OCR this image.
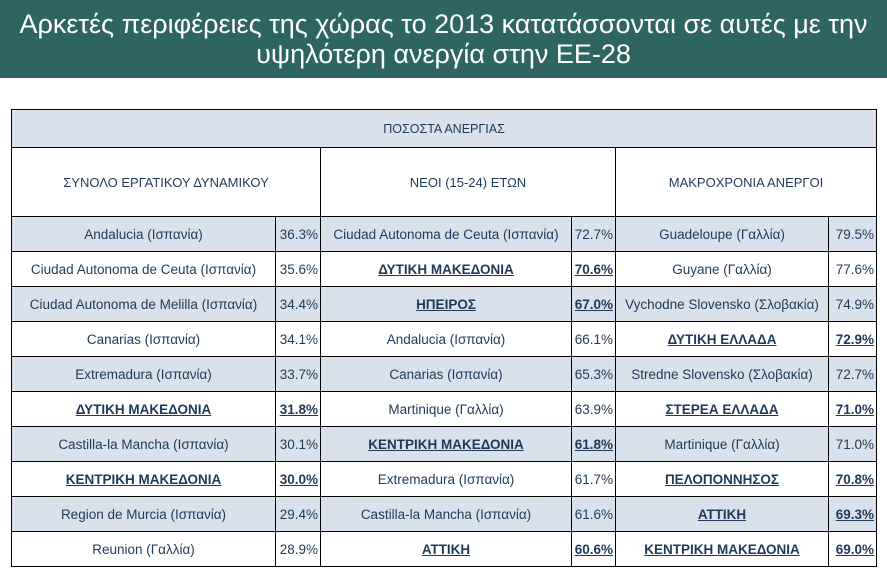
Αρκετές περιφέρειες της χώρας το 2013 κατατάσσονται σε αυτές με την υψηλότερη ανεργία στην ΕΕ-28
ΠΟΣΟΣΤΑ ΑΝΕΡΓΙΑΣ					
ΣΥΝΟΛΟ ΕΡΓΑΤΙΚΟΥ ΔΥΝΑΜΙΚΟΥ		ΝΕΟΙ (15-24) ΕΤΩΝ		ΜΑΚΡΟΧΡΟΝΙΑ ΑΝΕΡΓΟΙ	
Andalucia (Ισπανία)	36.3%	Ciudad Autonoma de Ceuta (Ισπανία)	72.7%	Guadeloupe (Γαλλία)	79.5%
Ciudad Autonoma de Ceuta (Ισπανία)	35.6%	ΔΥΤΙΚΗ ΜΑΚΕΔΟΝΙΑ	70.6%	Guyane (Γαλλία)	77.6%
Ciudad Autonoma de Melilla (Ισπανία)	34.4%	ΗΠΕΙΡΟΣ	67.0%	Vychodne Slovensko (Σλοβακία)	74.9%
Canarias (Ισπανία)	34.1%	Andalucia (Ισπανία)	66.1%	ΔΥΤΙΚΗ ΕΛΛΑΔΑ	72.9%
Extremadura (Ισπανία)	33.7%	Canarias (Ισπανία)	65.3%	Stredne Slovensko (Σλοβακία)	72.7%
ΔΥΤΙΚΗ ΜΑΚΕΔΟΝΙΑ	31.8%	Martinique (Γαλλία)	63.9%	ΣΤΕΡΕΑ ΕΛΛΑΔΑ	71.0%
Castilla-la Mancha (Ισπανία)	30.1%	ΚΕΝΤΡΙΚΗ ΜΑΚΕΔΟΝΙΑ	61.8%	Martinique (Γαλλία)	71.0%
ΚΕΝΤΡΙΚΗ ΜΑΚΕΔΟΝΙΑ	30.0%	Extremadura (Ισπανία)	61.7%	ΠΕΛΟΠΟΝΝΗΣΟΣ	70.8%
Region de Murcia (Ισπανία)	29.4%	Castilla-la Mancha (Ισπανία)	61.6%	ΑΤΤΙΚΗ	69.3%
Reunion (Γαλλία)	28.9%	ΑΤΤΙΚΗ	60.6%	ΚΕΝΤΡΙΚΗ ΜΑΚΕΔΟΝΙΑ	69.0%
